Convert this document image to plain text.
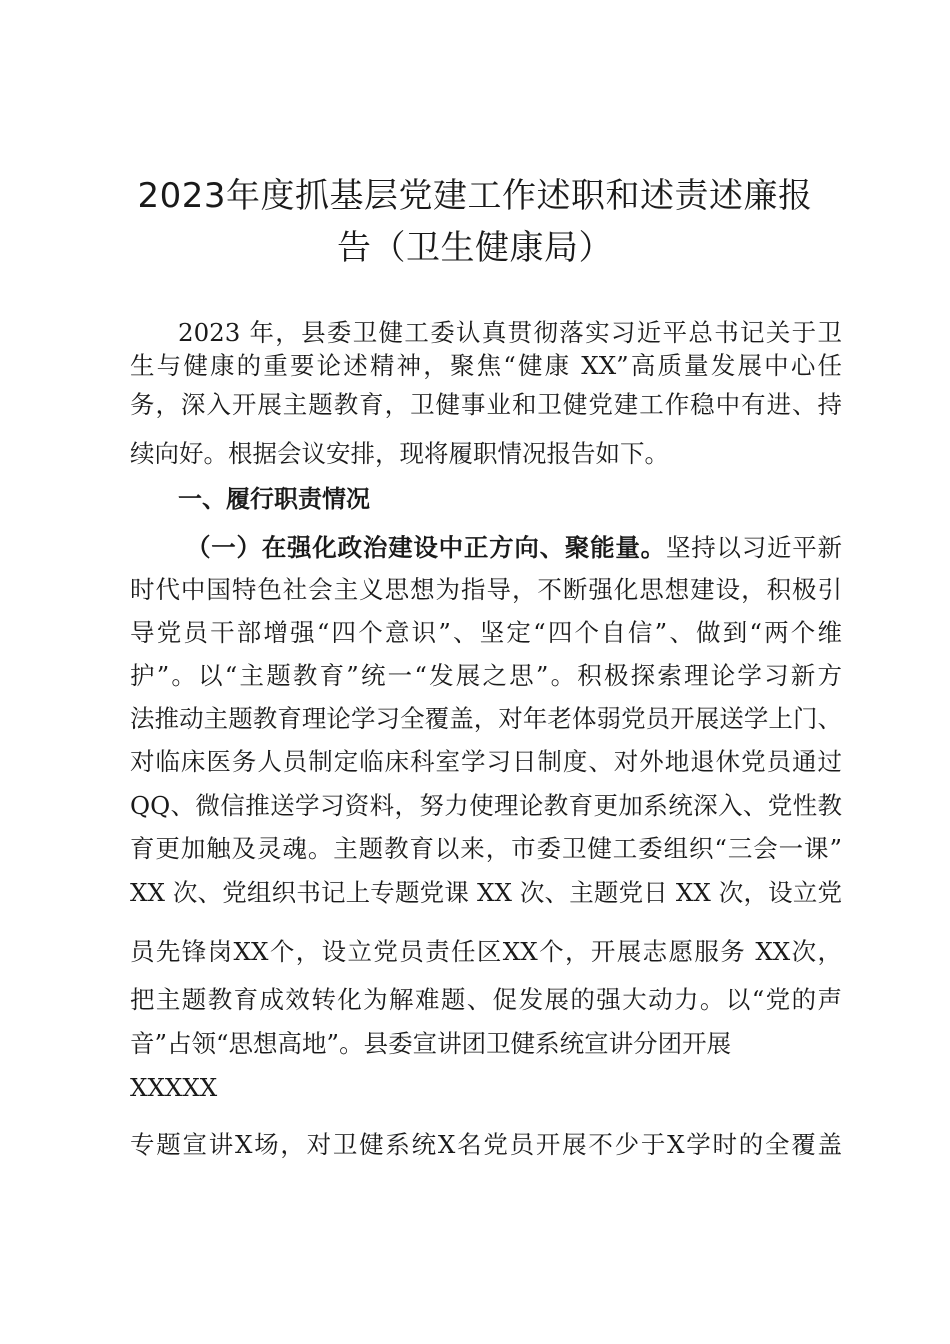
2023年度抓基层党建工作述职和述责述廉报
告（卫生健康局）
2023 年，县委卫健工委认真贯彻落实习近平总书记关于卫
生与健康的重要论述精神，聚焦“健康 XX”高质量发展中心任
务，深入开展主题教育，卫健事业和卫健党建工作稳中有进、持
续向好。根据会议安排，现将履职情况报告如下。
一、履行职责情况
（一）在强化政治建设中正方向、聚能量。坚持以习近平新
时代中国特色社会主义思想为指导，不断强化思想建设，积极引
导党员干部增强“四个意识”、坚定“四个自信”、做到“两个维
护”。以“主题教育”统一“发展之思”。积极探索理论学习新方
法推动主题教育理论学习全覆盖，对年老体弱党员开展送学上门、
对临床医务人员制定临床科室学习日制度、对外地退休党员通过
QQ、微信推送学习资料，努力使理论教育更加系统深入、党性教
育更加触及灵魂。主题教育以来，市委卫健工委组织“三会一课”
XX 次、党组织书记上专题党课 XX 次、主题党日 XX 次，设立党
员先锋岗XX个，设立党员责任区XX个，开展志愿服务 XX次，
把主题教育成效转化为解难题、促发展的强大动力。以“党的声
音”占领“思想高地”。县委宣讲团卫健系统宣讲分团开展
XXXXX
专题宣讲X场，对卫健系统X名党员开展不少于X学时的全覆盖
